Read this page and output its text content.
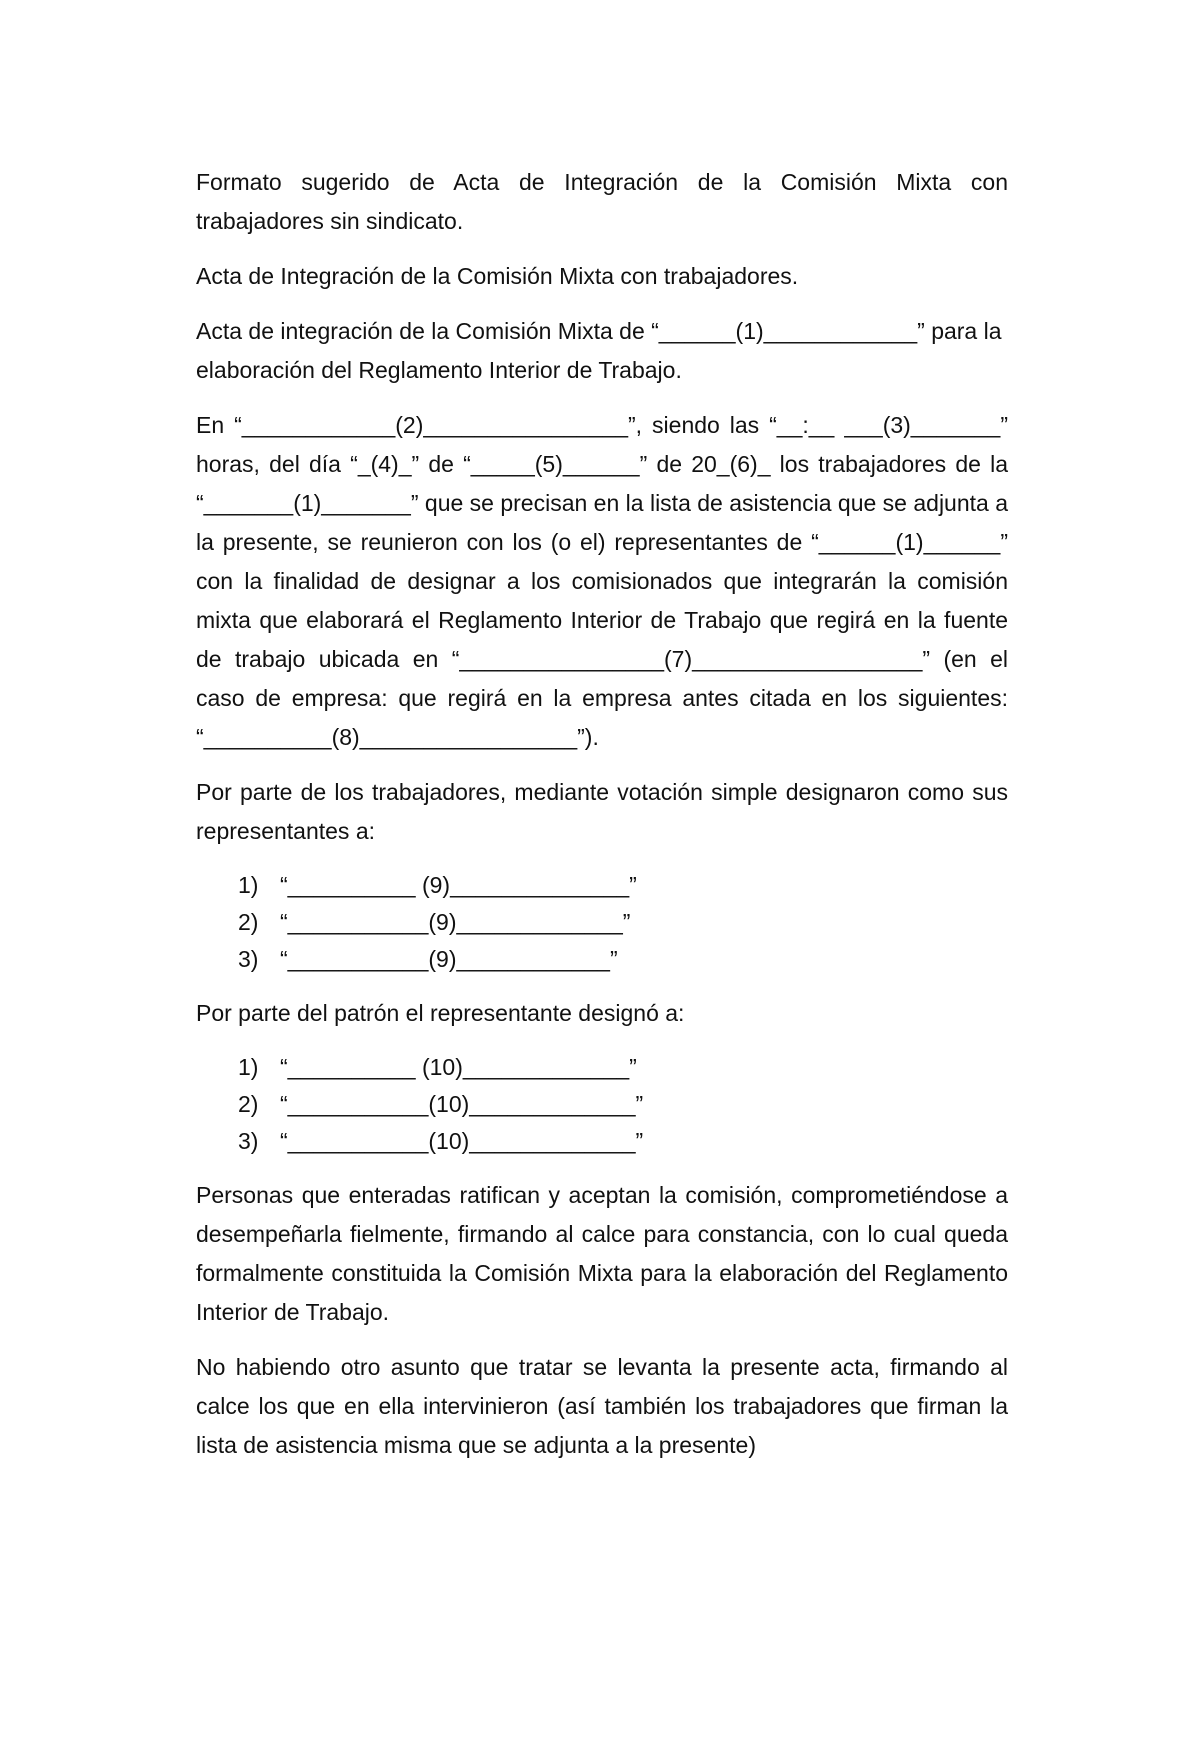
Formato sugerido de Acta de Integración de la Comisión Mixta con trabajadores sin sindicato.

Acta de Integración de la Comisión Mixta con trabajadores.

Acta de integración de la Comisión Mixta de “______(1)____________” para la elaboración del Reglamento Interior de Trabajo.

En “____________(2)________________”, siendo las “__:__ ___(3)_______” horas, del día “_(4)_” de “_____(5)______” de 20_(6)_ los trabajadores de la “_______(1)_______” que se precisan en la lista de asistencia que se adjunta a la presente, se reunieron con los (o el) representantes de “______(1)______” con la finalidad de designar a los comisionados que integrarán la comisión mixta que elaborará el Reglamento Interior de Trabajo que regirá en la fuente de trabajo ubicada en “________________(7)__________________” (en el caso de empresa: que regirá en la empresa antes citada en los siguientes: “__________(8)_________________”).

Por parte de los trabajadores, mediante votación simple designaron como sus representantes a:

1) “__________ (9)______________”
2) “___________(9)_____________”
3) “___________(9)____________”

Por parte del patrón el representante designó a:

1) “__________ (10)_____________”
2) “___________(10)_____________”
3) “___________(10)_____________”

Personas que enteradas ratifican y aceptan la comisión, comprometiéndose a desempeñarla fielmente, firmando al calce para constancia, con lo cual queda formalmente constituida la Comisión Mixta para la elaboración del Reglamento Interior de Trabajo.

No habiendo otro asunto que tratar se levanta la presente acta, firmando al calce los que en ella intervinieron (así también los trabajadores que firman la lista de asistencia misma que se adjunta a la presente)
